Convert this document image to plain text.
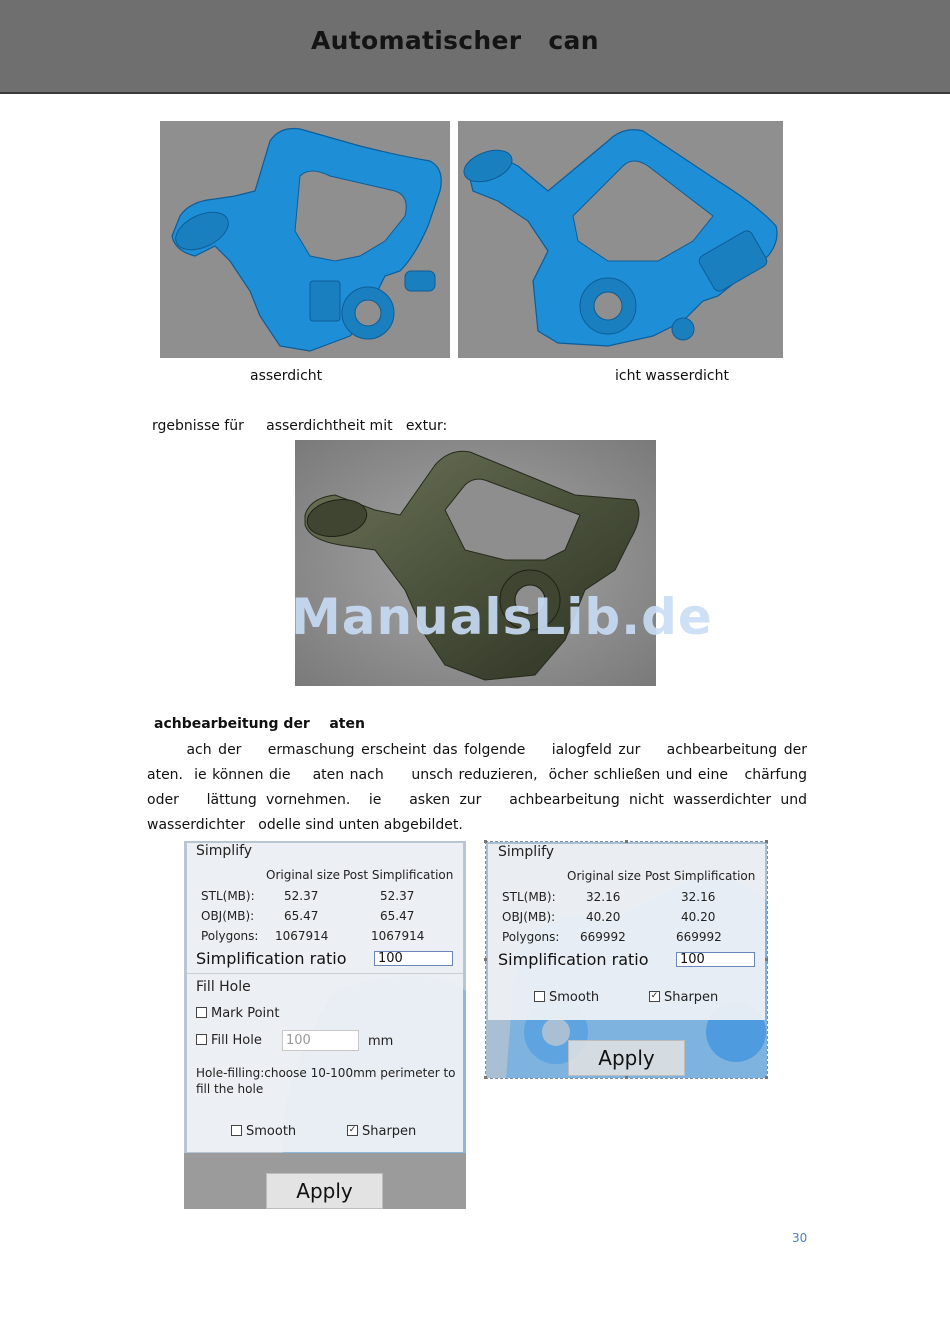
Automatischer   can
asserdicht	icht wasserdicht
rgebnisse für     asserdichtheit mit   extur:
ManualsLib.de
achbearbeitung der    aten
ach der    ermaschung erscheint das folgende    ialogfeld zur    achbearbeitung der    aten.  ie können die    aten nach     unsch reduzieren,  öcher schließen und eine   chärfung oder   lättung vornehmen.  ie   asken zur   achbearbeitung nicht wasserdichter und wasserdichter   odelle sind unten abgebildet.
Simplify
Original size Post Simplification
STL(MB): 52.37	52.37
OBJ(MB): 65.47	65.47
Polygons: 1067914	1067914
Simplification ratio
100
Fill Hole
Mark Point
Fill Hole
100	mm
Hole-filling:choose 10-100mm perimeter to
fill the hole
Smooth	✓ Sharpen
Apply
Simplify
Original size Post Simplification
STL(MB):	32.16	32.16
OBJ(MB):	40.20	40.20
Polygons: 669992	669992
Simplification ratio
100
Smooth	✓ Sharpen
Apply
30
